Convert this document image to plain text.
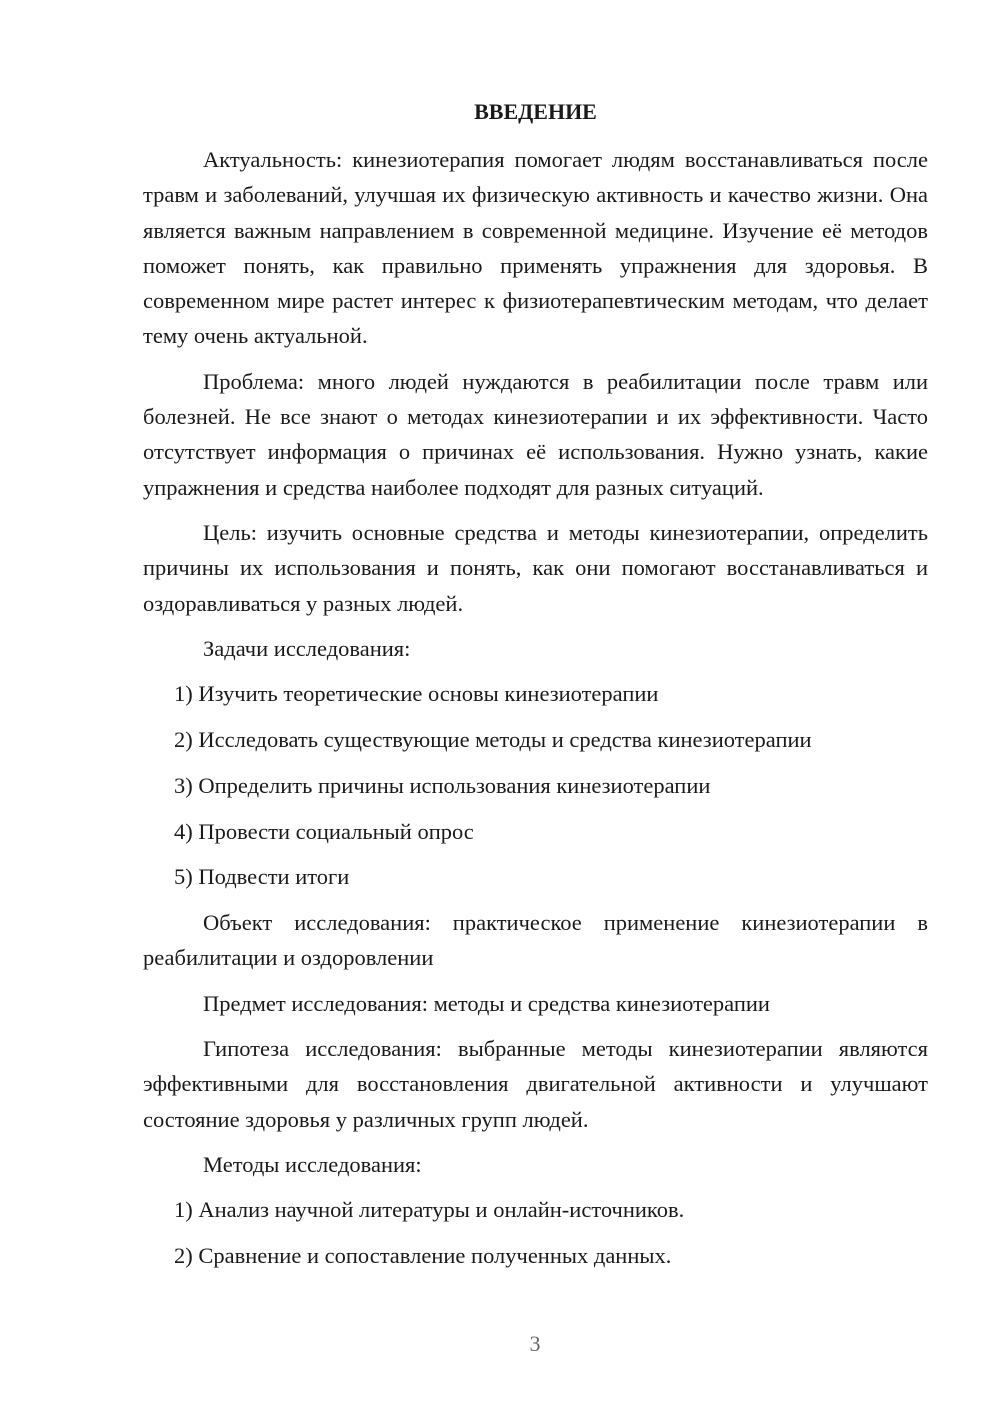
ВВЕДЕНИЕ

Актуальность: кинезиотерапия помогает людям восстанавливаться после травм и заболеваний, улучшая их физическую активность и качество жизни. Она является важным направлением в современной медицине. Изучение её методов поможет понять, как правильно применять упражнения для здоровья. В современном мире растет интерес к физиотерапевтическим методам, что делает тему очень актуальной.

Проблема: много людей нуждаются в реабилитации после травм или болезней. Не все знают о методах кинезиотерапии и их эффективности. Часто отсутствует информация о причинах её использования. Нужно узнать, какие упражнения и средства наиболее подходят для разных ситуаций.

Цель: изучить основные средства и методы кинезиотерапии, определить причины их использования и понять, как они помогают восстанавливаться и оздоравливаться у разных людей.

Задачи исследования:

1) Изучить теоретические основы кинезиотерапии

2) Исследовать существующие методы и средства кинезиотерапии

3) Определить причины использования кинезиотерапии

4) Провести социальный опрос

5) Подвести итоги

Объект исследования: практическое применение кинезиотерапии в реабилитации и оздоровлении

Предмет исследования: методы и средства кинезиотерапии

Гипотеза исследования: выбранные методы кинезиотерапии являются эффективными для восстановления двигательной активности и улучшают состояние здоровья у различных групп людей.

Методы исследования:

1) Анализ научной литературы и онлайн-источников.

2) Сравнение и сопоставление полученных данных.

3
